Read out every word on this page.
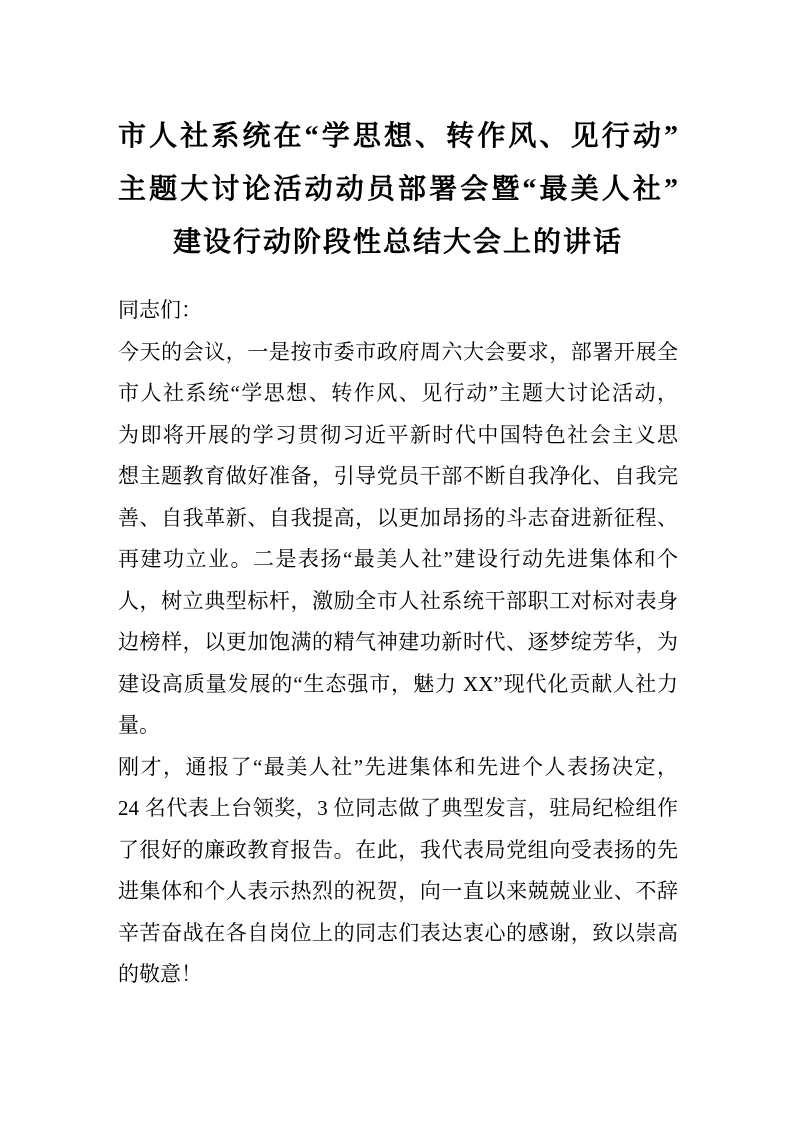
市人社系统在“学思想、转作风、见行动”
主题大讨论活动动员部署会暨“最美人社”
建设行动阶段性总结大会上的讲话
同志们：
今天的会议，一是按市委市政府周六大会要求，部署开展全
市人社系统“学思想、转作风、见行动”主题大讨论活动，
为即将开展的学习贯彻习近平新时代中国特色社会主义思
想主题教育做好准备，引导党员干部不断自我净化、自我完
善、自我革新、自我提高，以更加昂扬的斗志奋进新征程、
再建功立业。二是表扬“最美人社”建设行动先进集体和个
人，树立典型标杆，激励全市人社系统干部职工对标对表身
边榜样，以更加饱满的精气神建功新时代、逐梦绽芳华，为
建设高质量发展的“生态强市，魅力 XX”现代化贡献人社力
量。
刚才，通报了“最美人社”先进集体和先进个人表扬决定，
24 名代表上台领奖，3 位同志做了典型发言，驻局纪检组作
了很好的廉政教育报告。在此，我代表局党组向受表扬的先
进集体和个人表示热烈的祝贺，向一直以来兢兢业业、不辞
辛苦奋战在各自岗位上的同志们表达衷心的感谢，致以崇高
的敬意！
